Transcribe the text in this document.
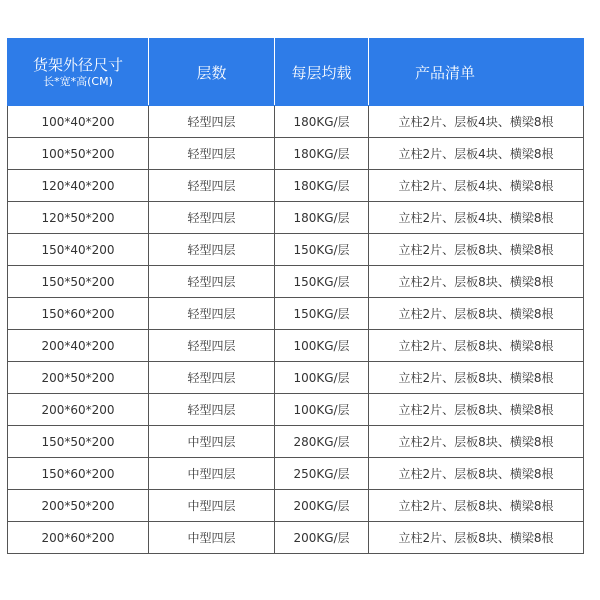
货架外径尺寸
长*宽*高(CM)	层数	每层均载	产品清单
100*40*200	轻型四层	180KG/层	立柱2片、层板4块、横梁8根
100*50*200	轻型四层	180KG/层	立柱2片、层板4块、横梁8根
120*40*200	轻型四层	180KG/层	立柱2片、层板4块、横梁8根
120*50*200	轻型四层	180KG/层	立柱2片、层板4块、横梁8根
150*40*200	轻型四层	150KG/层	立柱2片、层板8块、横梁8根
150*50*200	轻型四层	150KG/层	立柱2片、层板8块、横梁8根
150*60*200	轻型四层	150KG/层	立柱2片、层板8块、横梁8根
200*40*200	轻型四层	100KG/层	立柱2片、层板8块、横梁8根
200*50*200	轻型四层	100KG/层	立柱2片、层板8块、横梁8根
200*60*200	轻型四层	100KG/层	立柱2片、层板8块、横梁8根
150*50*200	中型四层	280KG/层	立柱2片、层板8块、横梁8根
150*60*200	中型四层	250KG/层	立柱2片、层板8块、横梁8根
200*50*200	中型四层	200KG/层	立柱2片、层板8块、横梁8根
200*60*200	中型四层	200KG/层	立柱2片、层板8块、横梁8根
